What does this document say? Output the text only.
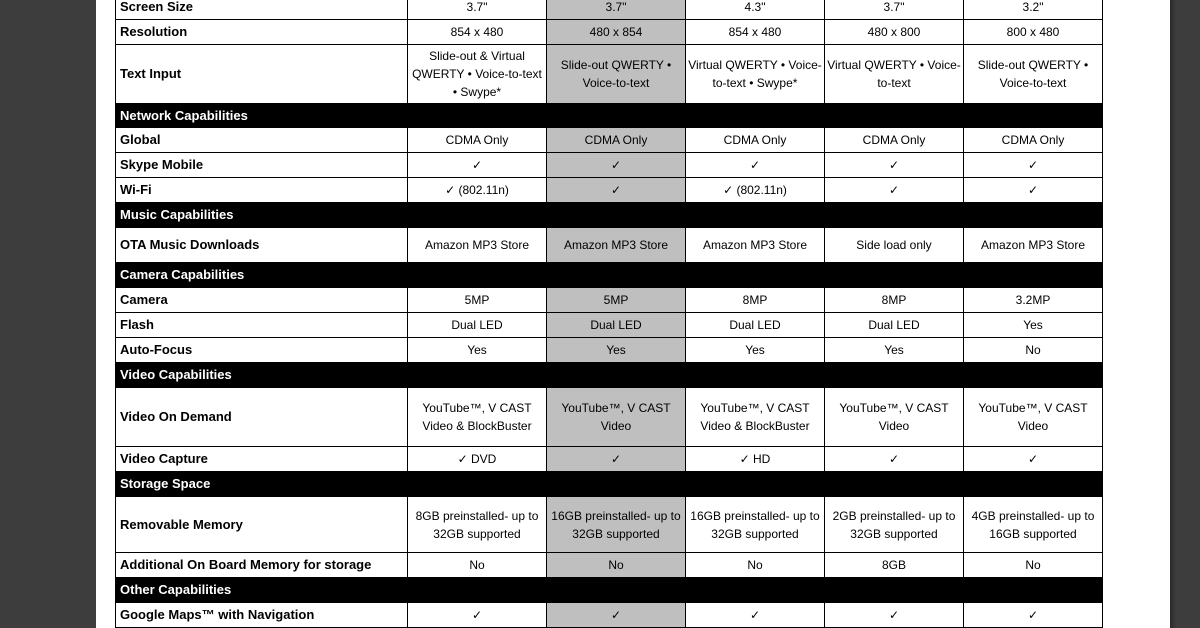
Screen Size	3.7"	3.7"	4.3"	3.7"	3.2"
Resolution	854 x 480	480 x 854	854 x 480	480 x 800	800 x 480
Text Input	Slide-out & Virtual QWERTY • Voice-to-text • Swype*	Slide-out QWERTY • Voice-to-text	Virtual QWERTY • Voice-to-text • Swype*	Virtual QWERTY • Voice-to-text	Slide-out QWERTY • Voice-to-text
Network Capabilities					
Global	CDMA Only	CDMA Only	CDMA Only	CDMA Only	CDMA Only
Skype Mobile	✓	✓	✓	✓	✓
Wi-Fi	✓ (802.11n)	✓	✓ (802.11n)	✓	✓
Music Capabilities					
OTA Music Downloads	Amazon MP3 Store	Amazon MP3 Store	Amazon MP3 Store	Side load only	Amazon MP3 Store
Camera Capabilities					
Camera	5MP	5MP	8MP	8MP	3.2MP
Flash	Dual LED	Dual LED	Dual LED	Dual LED	Yes
Auto-Focus	Yes	Yes	Yes	Yes	No
Video Capabilities					
Video On Demand	YouTube™, V CAST Video & BlockBuster	YouTube™, V CAST Video	YouTube™, V CAST Video & BlockBuster	YouTube™, V CAST Video	YouTube™, V CAST Video
Video Capture	✓ DVD	✓	✓ HD	✓	✓
Storage Space					
Removable Memory	8GB preinstalled- up to 32GB supported	16GB preinstalled- up to 32GB supported	16GB preinstalled- up to 32GB supported	2GB preinstalled- up to 32GB supported	4GB preinstalled- up to 16GB supported
Additional On Board Memory for storage	No	No	No	8GB	No
Other Capabilities					
Google Maps™ with Navigation	✓	✓	✓	✓	✓
